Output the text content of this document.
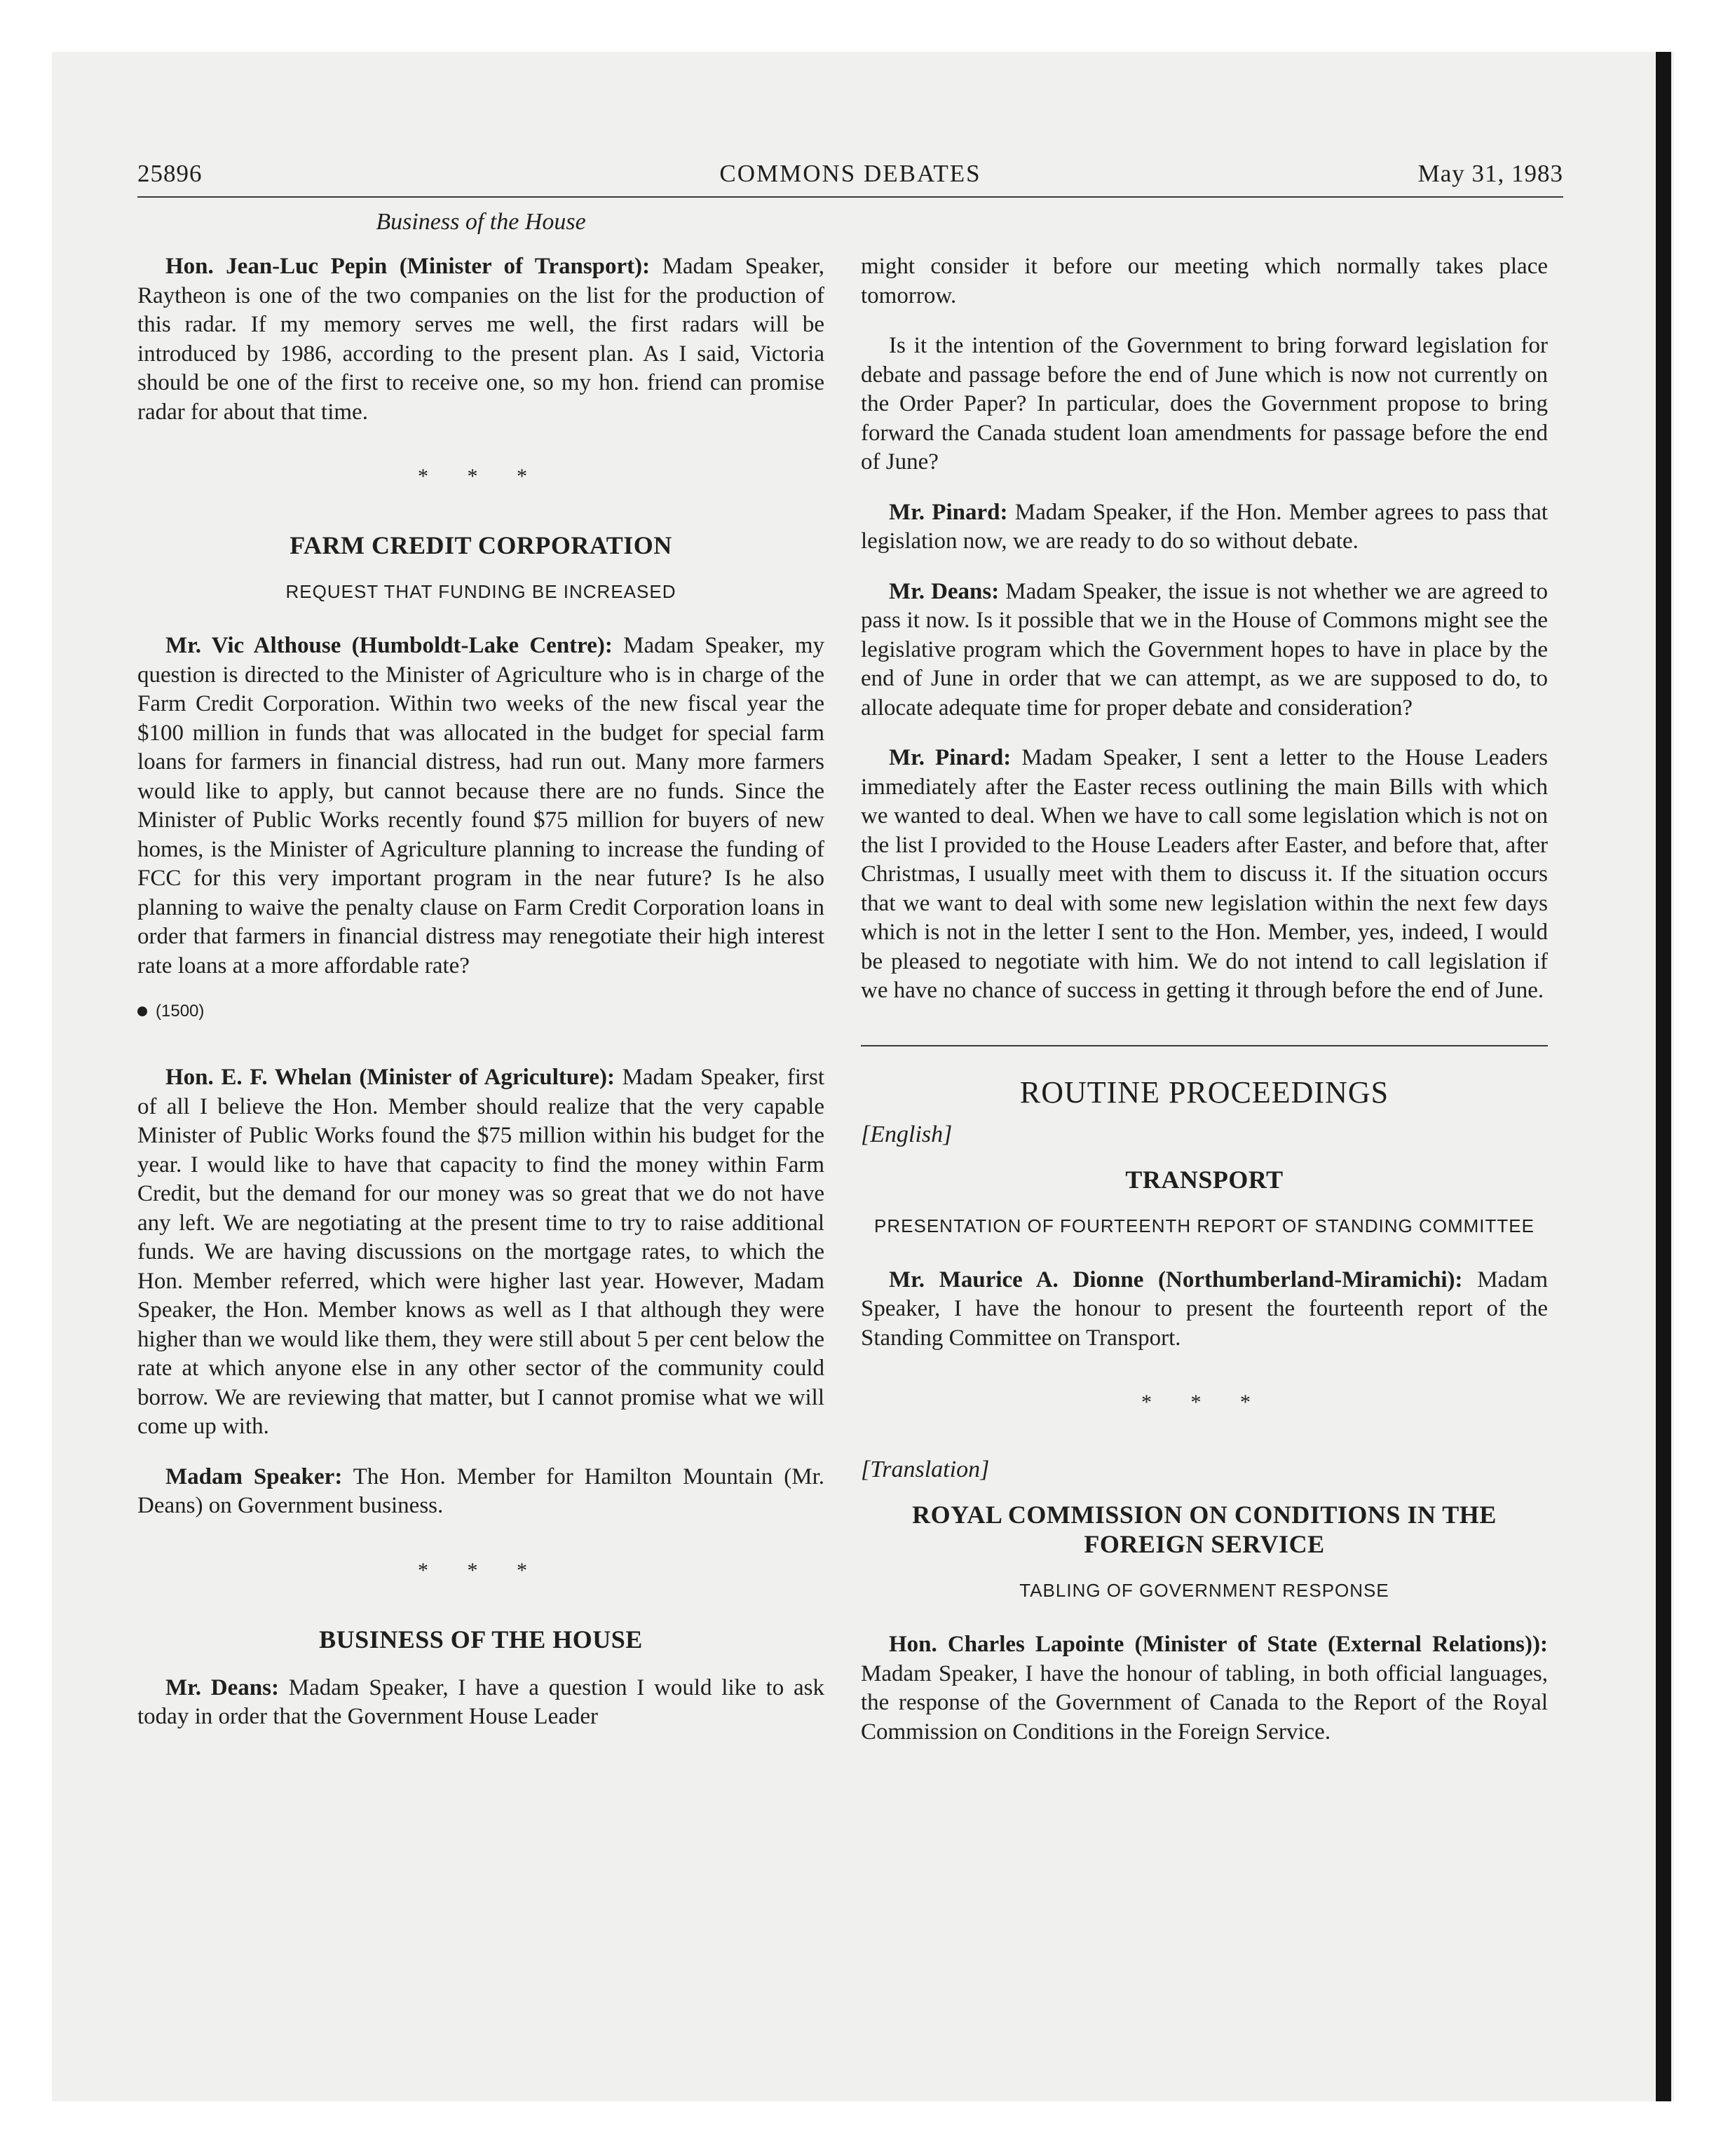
25896	COMMONS DEBATES	May 31, 1983
Business of the House

Hon. Jean-Luc Pepin (Minister of Transport): Madam Speaker, Raytheon is one of the two companies on the list for the production of this radar. If my memory serves me well, the first radars will be introduced by 1986, according to the present plan. As I said, Victoria should be one of the first to receive one, so my hon. friend can promise radar for about that time.

* * *
FARM CREDIT CORPORATION
REQUEST THAT FUNDING BE INCREASED

Mr. Vic Althouse (Humboldt-Lake Centre): Madam Speaker, my question is directed to the Minister of Agriculture who is in charge of the Farm Credit Corporation. Within two weeks of the new fiscal year the $100 million in funds that was allocated in the budget for special farm loans for farmers in financial distress, had run out. Many more farmers would like to apply, but cannot because there are no funds. Since the Minister of Public Works recently found $75 million for buyers of new homes, is the Minister of Agriculture planning to increase the funding of FCC for this very important program in the near future? Is he also planning to waive the penalty clause on Farm Credit Corporation loans in order that farmers in financial distress may renegotiate their high interest rate loans at a more affordable rate?

(1500)

Hon. E. F. Whelan (Minister of Agriculture): Madam Speaker, first of all I believe the Hon. Member should realize that the very capable Minister of Public Works found the $75 million within his budget for the year. I would like to have that capacity to find the money within Farm Credit, but the demand for our money was so great that we do not have any left. We are negotiating at the present time to try to raise additional funds. We are having discussions on the mortgage rates, to which the Hon. Member referred, which were higher last year. However, Madam Speaker, the Hon. Member knows as well as I that although they were higher than we would like them, they were still about 5 per cent below the rate at which anyone else in any other sector of the community could borrow. We are reviewing that matter, but I cannot promise what we will come up with.

Madam Speaker: The Hon. Member for Hamilton Mountain (Mr. Deans) on Government business.

* * *
BUSINESS OF THE HOUSE

Mr. Deans: Madam Speaker, I have a question I would like to ask today in order that the Government House Leader

might consider it before our meeting which normally takes place tomorrow.

Is it the intention of the Government to bring forward legislation for debate and passage before the end of June which is now not currently on the Order Paper? In particular, does the Government propose to bring forward the Canada student loan amendments for passage before the end of June?

Mr. Pinard: Madam Speaker, if the Hon. Member agrees to pass that legislation now, we are ready to do so without debate.

Mr. Deans: Madam Speaker, the issue is not whether we are agreed to pass it now. Is it possible that we in the House of Commons might see the legislative program which the Government hopes to have in place by the end of June in order that we can attempt, as we are supposed to do, to allocate adequate time for proper debate and consideration?

Mr. Pinard: Madam Speaker, I sent a letter to the House Leaders immediately after the Easter recess outlining the main Bills with which we wanted to deal. When we have to call some legislation which is not on the list I provided to the House Leaders after Easter, and before that, after Christmas, I usually meet with them to discuss it. If the situation occurs that we want to deal with some new legislation within the next few days which is not in the letter I sent to the Hon. Member, yes, indeed, I would be pleased to negotiate with him. We do not intend to call legislation if we have no chance of success in getting it through before the end of June.

ROUTINE PROCEEDINGS
[English]
TRANSPORT
PRESENTATION OF FOURTEENTH REPORT OF STANDING COMMITTEE

Mr. Maurice A. Dionne (Northumberland-Miramichi): Madam Speaker, I have the honour to present the fourteenth report of the Standing Committee on Transport.

* * *
[Translation]
ROYAL COMMISSION ON CONDITIONS IN THE FOREIGN SERVICE
TABLING OF GOVERNMENT RESPONSE

Hon. Charles Lapointe (Minister of State (External Relations)): Madam Speaker, I have the honour of tabling, in both official languages, the response of the Government of Canada to the Report of the Royal Commission on Conditions in the Foreign Service.
